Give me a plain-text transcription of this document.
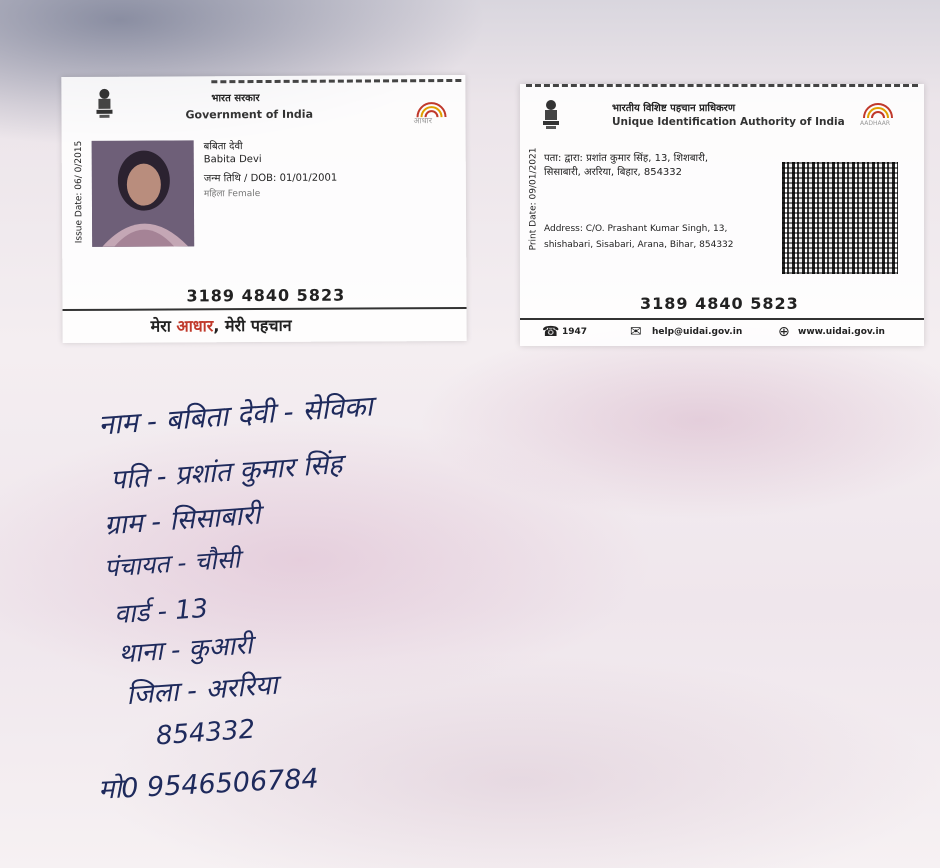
भारत सरकार
Government of India	आधार
Issue Date: 06/ 0/2015	बबिता देवी
Babita Devi
जन्म तिथि / DOB: 01/01/2001
महिला Female
3189 4840 5823
मेरा आधार, मेरी पहचान
भारतीय विशिष्ट पहचान प्राधिकरण
Unique Identification Authority of India	AADHAAR
Print Date: 09/01/2021 पता: द्वारा: प्रशांत कुमार सिंह, 13, शिशबारी,
सिसाबारी, अररिया, बिहार, 854332
Address: C/O. Prashant Kumar Singh, 13,
shishabari, Sisabari, Arana, Bihar, 854332
3189 4840 5823
☎ 1947	✉ help@uidai.gov.in	⊕ www.uidai.gov.in
नाम - बबिता देवी - सेविका
पति - प्रशांत कुमार सिंह
ग्राम - सिसाबारी
पंचायत - चौसी
वार्ड - 13
थाना - कुआरी
जिला - अररिया
854332
मो0 9546506784
